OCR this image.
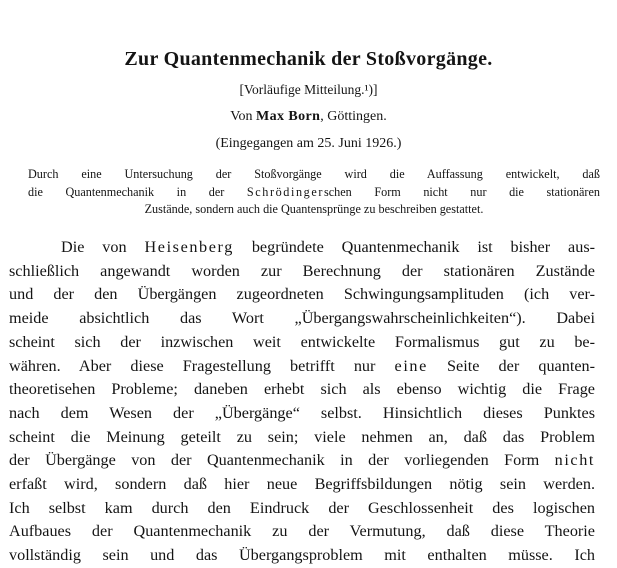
Zur Quantenmechanik der Stoßvorgänge.
[Vorläufige Mitteilung.¹)]
Von Max Born, Göttingen.
(Eingegangen am 25. Juni 1926.)
Durch eine Untersuchung der Stoßvorgänge wird die Auffassung entwickelt, daß
die Quantenmechanik in der Schrödingerschen Form nicht nur die stationären
Zustände, sondern auch die Quantensprünge zu beschreiben gestattet.
Die von Heisenberg begründete Quantenmechanik ist bisher aus-
schließlich angewandt worden zur Berechnung der stationären Zustände
und der den Übergängen zugeordneten Schwingungsamplituden (ich ver-
meide absichtlich das Wort „Übergangswahrscheinlichkeiten“). Dabei
scheint sich der inzwischen weit entwickelte Formalismus gut zu be-
währen. Aber diese Fragestellung betrifft nur eine Seite der quanten-
theoretisehen Probleme; daneben erhebt sich als ebenso wichtig die Frage
nach dem Wesen der „Übergänge“ selbst. Hinsichtlich dieses Punktes
scheint die Meinung geteilt zu sein; viele nehmen an, daß das Problem
der Übergänge von der Quantenmechanik in der vorliegenden Form nicht
erfaßt wird, sondern daß hier neue Begriffsbildungen nötig sein werden.
Ich selbst kam durch den Eindruck der Geschlossenheit des logischen
Aufbaues der Quantenmechanik zu der Vermutung, daß diese Theorie
vollständig sein und das Übergangsproblem mit enthalten müsse. Ich
